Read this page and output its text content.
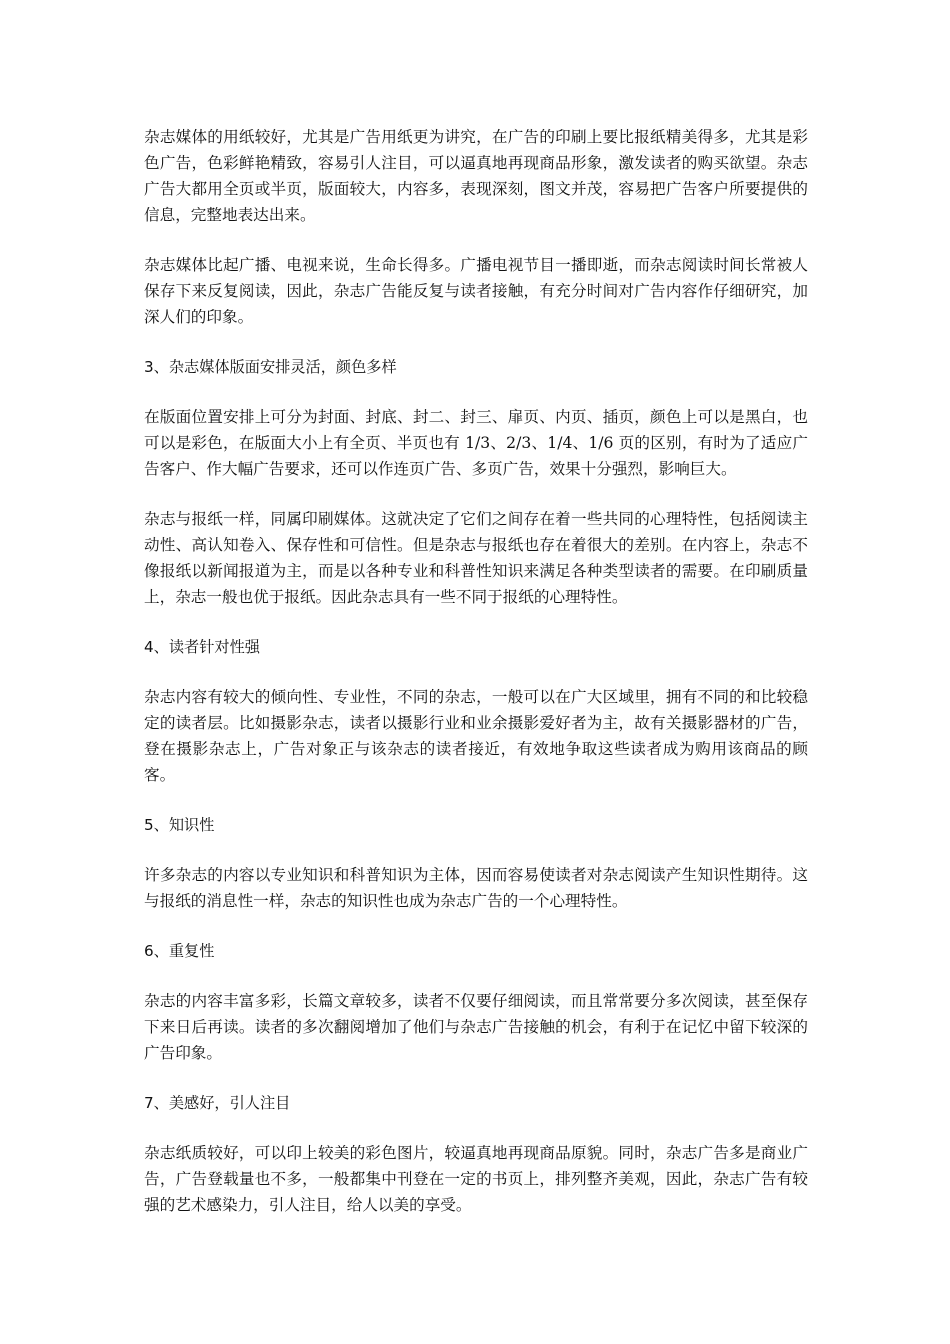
杂志媒体的用纸较好，尤其是广告用纸更为讲究，在广告的印刷上要比报纸精美得多，尤其是彩色广告，色彩鲜艳精致，容易引人注目，可以逼真地再现商品形象，激发读者的购买欲望。杂志广告大都用全页或半页，版面较大，内容多，表现深刻，图文并茂，容易把广告客户所要提供的信息，完整地表达出来。

杂志媒体比起广播、电视来说，生命长得多。广播电视节目一播即逝，而杂志阅读时间长常被人保存下来反复阅读，因此，杂志广告能反复与读者接触，有充分时间对广告内容作仔细研究，加深人们的印象。

3、杂志媒体版面安排灵活，颜色多样

在版面位置安排上可分为封面、封底、封二、封三、扉页、内页、插页，颜色上可以是黑白，也可以是彩色，在版面大小上有全页、半页也有 1/3、2/3、1/4、1/6 页的区别，有时为了适应广告客户、作大幅广告要求，还可以作连页广告、多页广告，效果十分强烈，影响巨大。

杂志与报纸一样，同属印刷媒体。这就决定了它们之间存在着一些共同的心理特性，包括阅读主动性、高认知卷入、保存性和可信性。但是杂志与报纸也存在着很大的差别。在内容上，杂志不像报纸以新闻报道为主，而是以各种专业和科普性知识来满足各种类型读者的需要。在印刷质量上，杂志一般也优于报纸。因此杂志具有一些不同于报纸的心理特性。

4、读者针对性强

杂志内容有较大的倾向性、专业性，不同的杂志，一般可以在广大区域里，拥有不同的和比较稳定的读者层。比如摄影杂志，读者以摄影行业和业余摄影爱好者为主，故有关摄影器材的广告，登在摄影杂志上，广告对象正与该杂志的读者接近，有效地争取这些读者成为购用该商品的顾客。

5、知识性

许多杂志的内容以专业知识和科普知识为主体，因而容易使读者对杂志阅读产生知识性期待。这与报纸的消息性一样，杂志的知识性也成为杂志广告的一个心理特性。

6、重复性

杂志的内容丰富多彩，长篇文章较多，读者不仅要仔细阅读，而且常常要分多次阅读，甚至保存下来日后再读。读者的多次翻阅增加了他们与杂志广告接触的机会，有利于在记忆中留下较深的广告印象。

7、美感好，引人注目

杂志纸质较好，可以印上较美的彩色图片，较逼真地再现商品原貌。同时，杂志广告多是商业广告，广告登载量也不多，一般都集中刊登在一定的书页上，排列整齐美观，因此，杂志广告有较强的艺术感染力，引人注目，给人以美的享受。
